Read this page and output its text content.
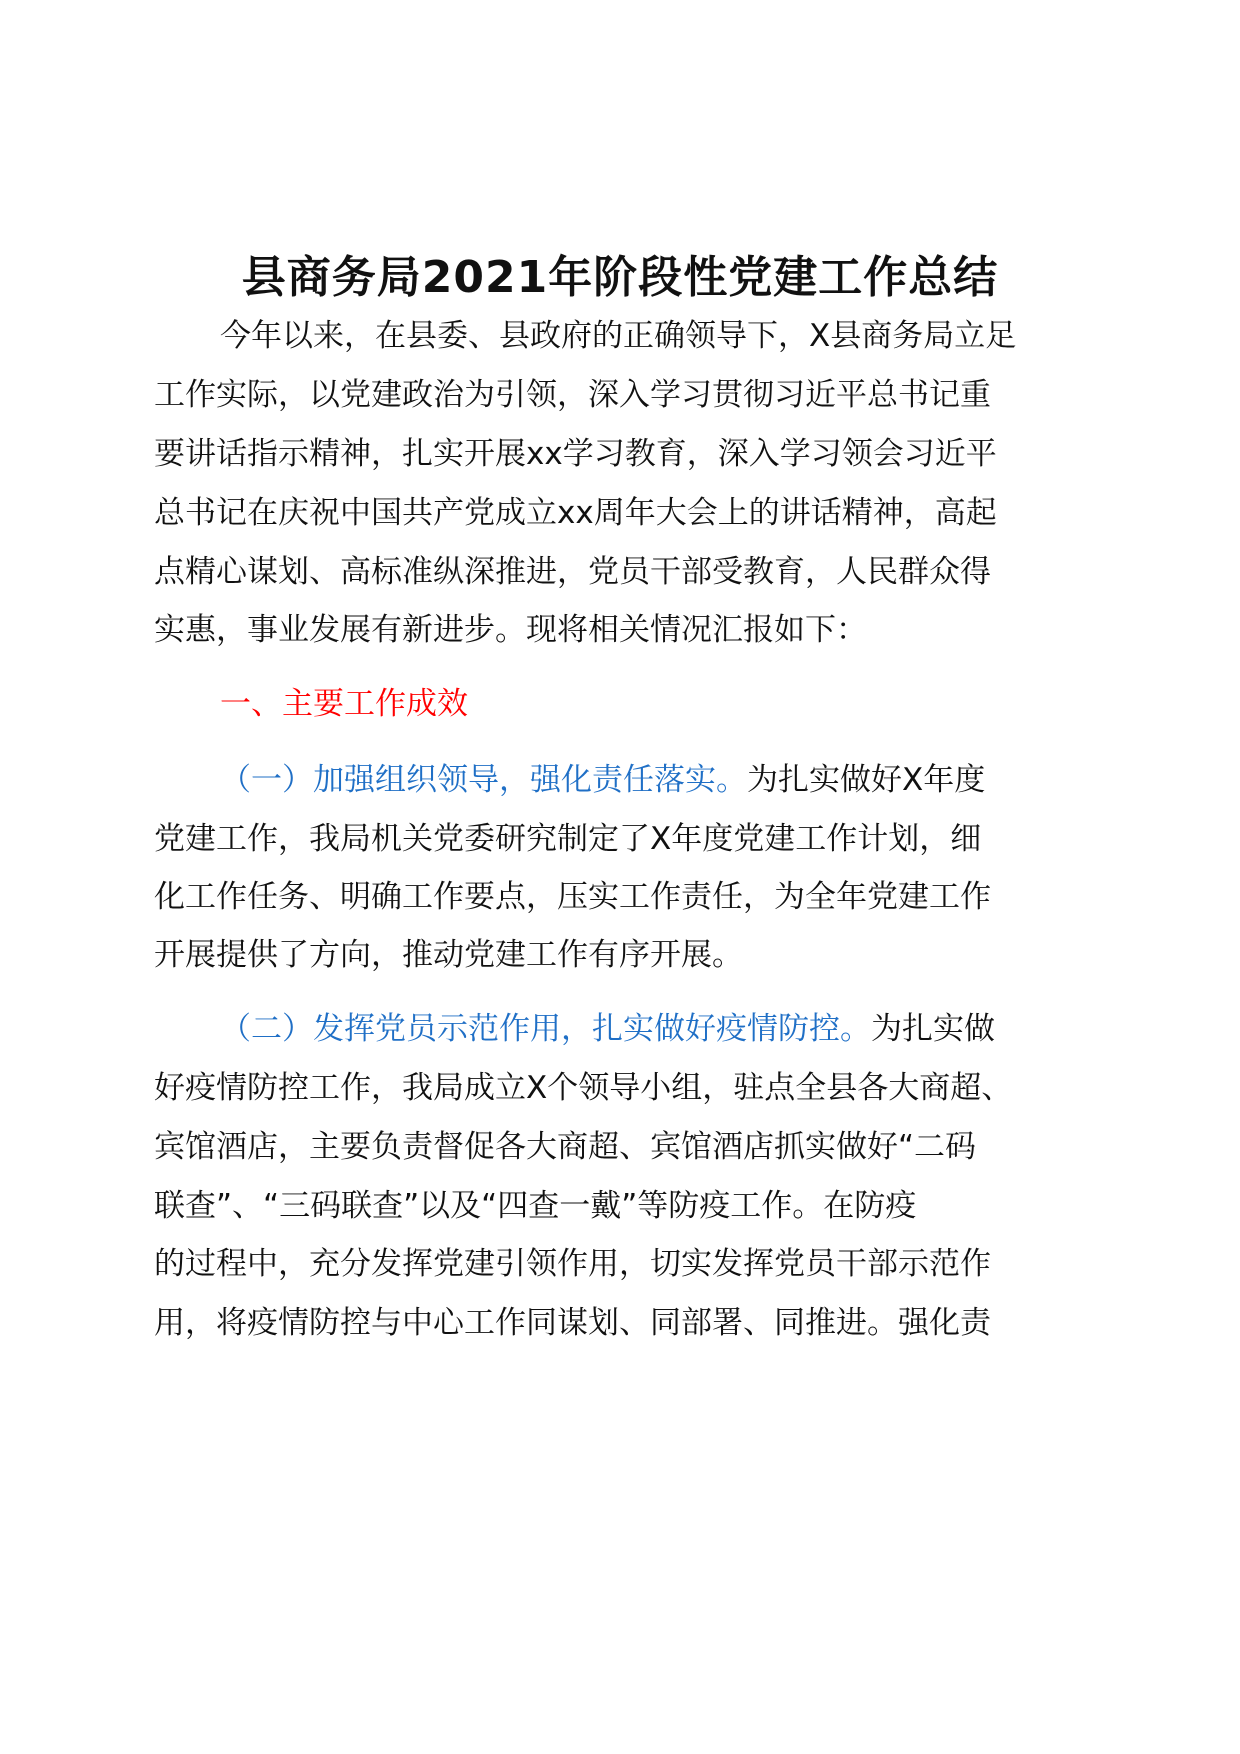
县商务局2021年阶段性党建工作总结
今年以来，在县委、县政府的正确领导下，X县商务局立足
工作实际，以党建政治为引领，深入学习贯彻习近平总书记重
要讲话指示精神，扎实开展xx学习教育，深入学习领会习近平
总书记在庆祝中国共产党成立xx周年大会上的讲话精神，高起
点精心谋划、高标准纵深推进，党员干部受教育，人民群众得
实惠，事业发展有新进步。现将相关情况汇报如下：
一、主要工作成效
（一）加强组织领导，强化责任落实。为扎实做好X年度
党建工作，我局机关党委研究制定了X年度党建工作计划，细
化工作任务、明确工作要点，压实工作责任，为全年党建工作
开展提供了方向，推动党建工作有序开展。
（二）发挥党员示范作用，扎实做好疫情防控。为扎实做
好疫情防控工作，我局成立X个领导小组，驻点全县各大商超、
宾馆酒店，主要负责督促各大商超、宾馆酒店抓实做好“二码
联查”、“三码联查”以及“四查一戴”等防疫工作。在防疫
的过程中，充分发挥党建引领作用，切实发挥党员干部示范作
用，将疫情防控与中心工作同谋划、同部署、同推进。强化责
